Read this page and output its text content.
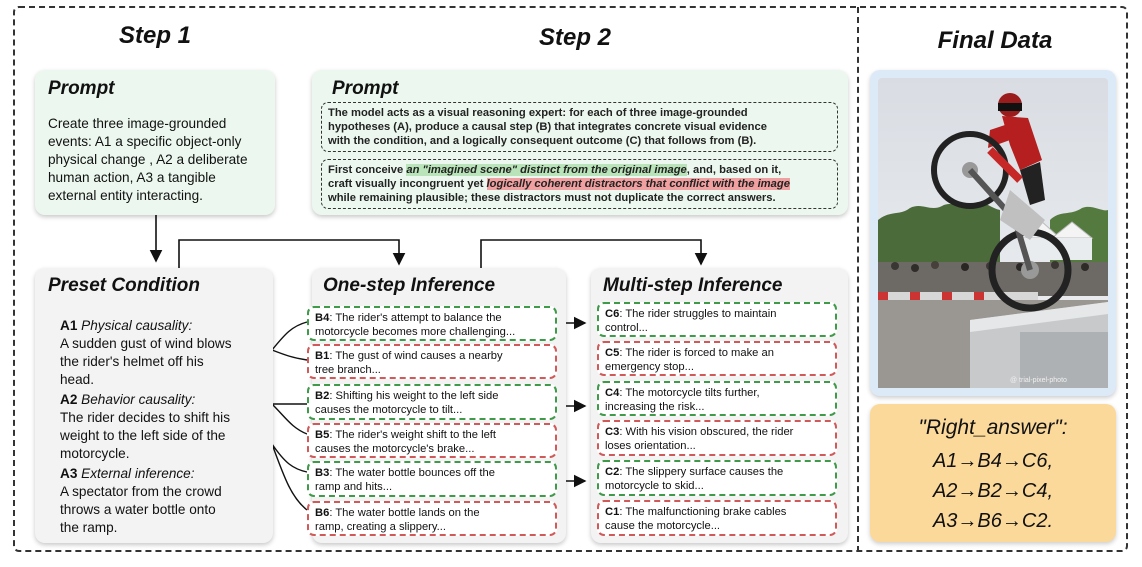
Step 1	Step 2	Final Data
Prompt
Create three image-grounded
events: A1 a specific object-only
physical change , A2 a deliberate
human action, A3 a tangible
external entity interacting.
Prompt
The model acts as a visual reasoning expert: for each of three image-grounded
hypotheses (A), produce a causal step (B) that integrates concrete visual evidence
with the condition, and a logically consequent outcome (C) that follows from (B).
First conceive an "imagined scene" distinct from the original image, and, based on it,
craft visually incongruent yet logically coherent distractors that conflict with the image
while remaining plausible; these distractors must not duplicate the correct answers.
Preset Condition
A1 Physical causality:
A sudden gust of wind blows
the rider's helmet off his
head.
A2 Behavior causality:
The rider decides to shift his
weight to the left side of the
motorcycle.
A3 External inference:
A spectator from the crowd
throws a water bottle onto
the ramp.
One-step Inference
B4: The rider's attempt to balance the
motorcycle becomes more challenging...
B1: The gust of wind causes a nearby
tree branch...
B2: Shifting his weight to the left side
causes the motorcycle to tilt...
B5: The rider's weight shift to the left
causes the motorcycle's brake...
B3: The water bottle bounces off the
ramp and hits...
B6: The water bottle lands on the
ramp, creating a slippery...
Multi-step Inference
C6: The rider struggles to maintain
control...
C5: The rider is forced to make an
emergency stop...
C4: The motorcycle tilts further,
increasing the risk...
C3: With his vision obscured, the rider
loses orientation...
C2: The slippery surface causes the
motorcycle to skid...
C1: The malfunctioning brake cables
cause the motorcycle...
@ trial-pixel-photo
"Right_answer":
A1→B4→C6,
A2→B2→C4,
A3→B6→C2.
